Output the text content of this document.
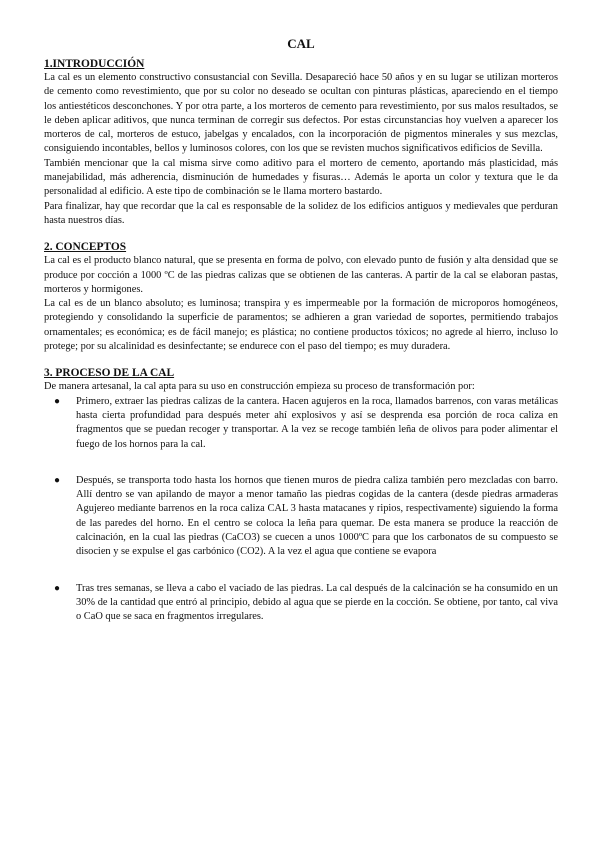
CAL
1.INTRODUCCIÓN

La cal es un elemento constructivo consustancial con Sevilla. Desapareció hace 50 años y en su lugar se utilizan morteros de cemento como revestimiento, que por su color no deseado se ocultan con pinturas plásticas, apareciendo en el tiempo los antiestéticos desconchones. Y por otra parte, a los morteros de cemento para revestimiento, por sus malos resultados, se le deben aplicar aditivos, que nunca terminan de corregir sus defectos. Por estas circunstancias hoy vuelven a aparecer los morteros de cal, morteros de estuco, jabelgas y encalados, con la incorporación de pigmentos minerales y sus mezclas, consiguiendo incontables, bellos y luminosos colores, con los que se revisten muchos significativos edificios de Sevilla.

También mencionar que la cal misma sirve como aditivo para el mortero de cemento, aportando más plasticidad, más manejabilidad, más adherencia, disminución de humedades y fisuras… Además le aporta un color y textura que le da personalidad al edificio. A este tipo de combinación se le llama mortero bastardo.

Para finalizar, hay que recordar que la cal es responsable de la solidez de los edificios antiguos y medievales que perduran hasta nuestros días.

2. CONCEPTOS

La cal es el producto blanco natural, que se presenta en forma de polvo, con elevado punto de fusión y alta densidad que se produce por cocción a 1000 ºC de las piedras calizas que se obtienen de las canteras. A partir de la cal se elaboran pastas, morteros y hormigones.

La cal es de un blanco absoluto; es luminosa; transpira y es impermeable por la formación de microporos homogéneos, protegiendo y consolidando la superficie de paramentos; se adhieren a gran variedad de soportes, permitiendo trabajos ornamentales; es económica; es de fácil manejo; es plástica; no contiene productos tóxicos; no agrede al hierro, incluso lo protege; por su alcalinidad es desinfectante; se endurece con el paso del tiempo; es muy duradera.

3. PROCESO DE LA CAL

De manera artesanal, la cal apta para su uso en construcción empieza su proceso de transformación por:

● Primero, extraer las piedras calizas de la cantera. Hacen agujeros en la roca, llamados barrenos, con varas metálicas hasta cierta profundidad para después meter ahí explosivos y así se desprenda esa porción de roca caliza en fragmentos que se puedan recoger y transportar. A la vez se recoge también leña de olivos para poder alimentar el fuego de los hornos para la cal.
● Después, se transporta todo hasta los hornos que tienen muros de piedra caliza también pero mezcladas con barro. Allí dentro se van apilando de mayor a menor tamaño las piedras cogidas de la cantera (desde piedras armaderas Agujereo mediante barrenos en la roca caliza CAL 3 hasta matacanes y ripios, respectivamente) siguiendo la forma de las paredes del horno. En el centro se coloca la leña para quemar. De esta manera se produce la reacción de calcinación, en la cual las piedras (CaCO3) se cuecen a unos 1000ºC para que los carbonatos de su compuesto se disocien y se expulse el gas carbónico (CO2). A la vez el agua que contiene se evapora
● Tras tres semanas, se lleva a cabo el vaciado de las piedras. La cal después de la calcinación se ha consumido en un 30% de la cantidad que entró al principio, debido al agua que se pierde en la cocción. Se obtiene, por tanto, cal viva o CaO que se saca en fragmentos irregulares.
